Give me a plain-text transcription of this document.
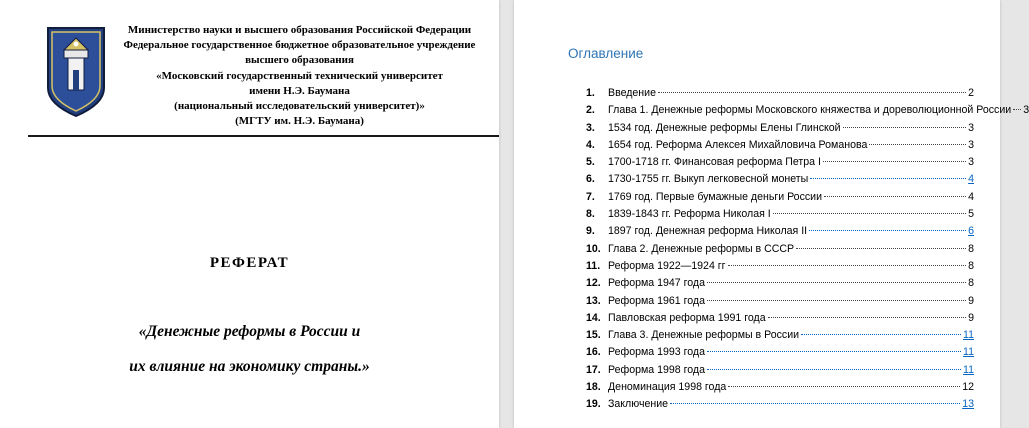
Министерство науки и высшего образования Российской Федерации
Федеральное государственное бюджетное образовательное учреждение
высшего образования
«Московский государственный технический университет
имени Н.Э. Баумана
(национальный исследовательский университет)»
(МГТУ им. Н.Э. Баумана)
РЕФЕРАТ
«Денежные реформы в России и
их влияние на экономику страны.»
Оглавление
1.	Введение	2
2.	Глава 1. Денежные реформы Московского княжества и дореволюционной России 3
3.	1534 год. Денежные реформы Елены Глинской	3
4.	1654 год. Реформа Алексея Михайловича Романова	3
5.	1700-1718 гг. Финансовая реформа Петра I	3
6.	1730-1755 гг. Выкуп легковесной монеты	4
7.	1769 год. Первые бумажные деньги России	4
8.	1839-1843 гг. Реформа Николая I	5
9.	1897 год. Денежная реформа Николая II	6
10. Глава 2. Денежные реформы в СССР	8
11. Реформа 1922—1924 гг	8
12. Реформа 1947 года	8
13. Реформа 1961 года	9
14. Павловская реформа 1991 года	9
15. Глава 3. Денежные реформы в России	11
16. Реформа 1993 года	11
17. Реформа 1998 года	11
18. Деноминация 1998 года	12
19. Заключение	13
